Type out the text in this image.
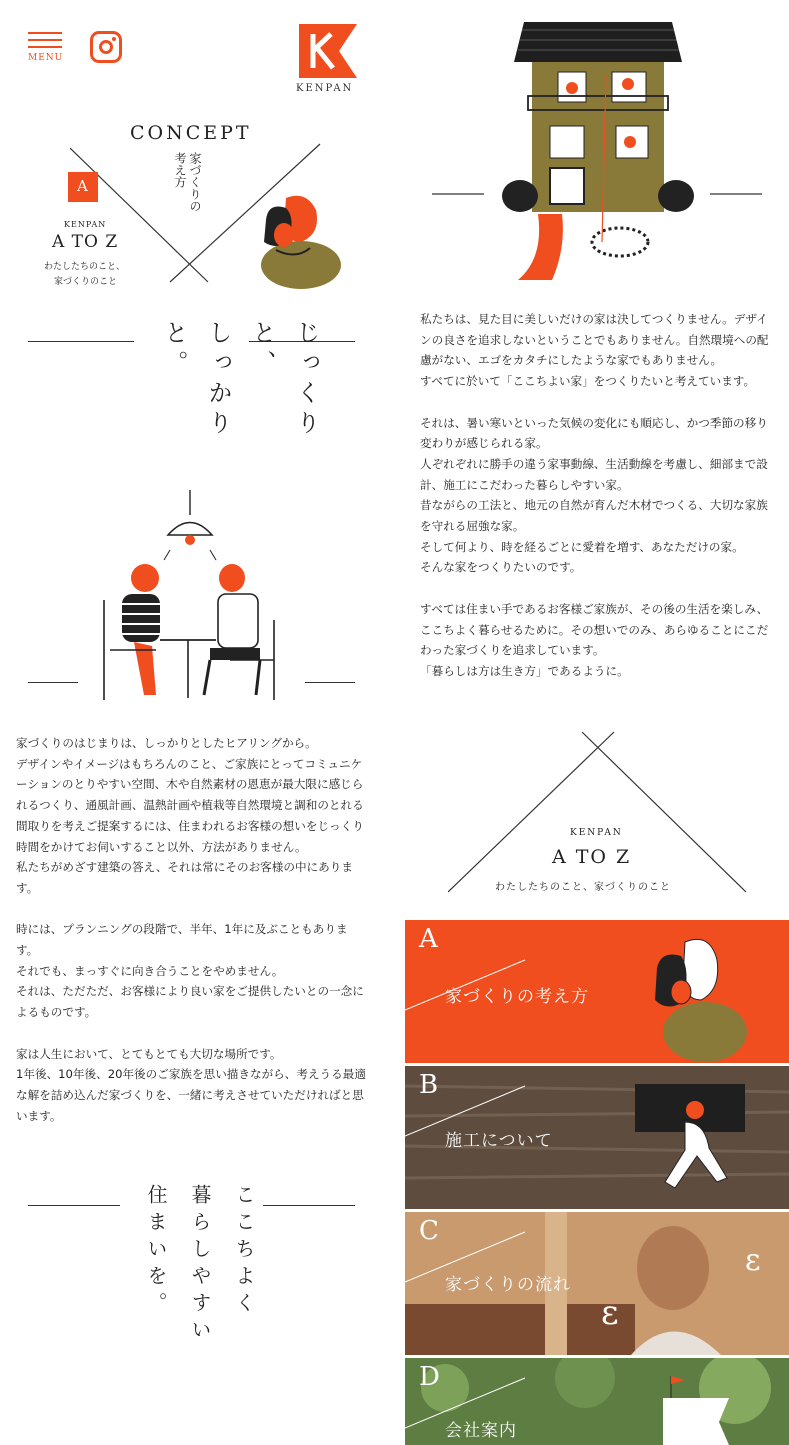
MENU
KENPAN
CONCEPT
家づくりの考え方
A
KENPAN
A TO Z
わたしたちのこと、
家づくりのこと
じっくりと、
しっかりと。
家づくりのはじまりは、しっかりとしたヒアリングから。
デザインやイメージはもちろんのこと、ご家族にとってコミュニケーションのとりやすい空間、木や自然素材の恩恵が最大限に感じられるつくり、通風計画、温熱計画や植栽等自然環境と調和のとれる間取りを考えご提案するには、住まわれるお客様の想いをじっくり時間をかけてお伺いすること以外、方法がありません。
私たちがめざす建築の答え、それは常にそのお客様の中にあります。

時には、プランニングの段階で、半年、1年に及ぶこともあります。
それでも、まっすぐに向き合うことをやめません。
それは、ただただ、お客様により良い家をご提供したいとの一念によるものです。

家は人生において、とてもとても大切な場所です。
1年後、10年後、20年後のご家族を思い描きながら、考えうる最適な解を詰め込んだ家づくりを、一緒に考えさせていただければと思います。
ここちよく
暮らしやすい
住まいを。
私たちは、見た目に美しいだけの家は決してつくりません。デザインの良さを追求しないということでもありません。自然環境への配慮がない、エゴをカタチにしたような家でもありません。
すべてに於いて「ここちよい家」をつくりたいと考えています。

それは、暑い寒いといった気候の変化にも順応し、かつ季節の移り変わりが感じられる家。
人ぞれぞれに勝手の違う家事動線、生活動線を考慮し、細部まで設計、施工にこだわった暮らしやすい家。
昔ながらの工法と、地元の自然が育んだ木材でつくる、大切な家族を守れる屈強な家。
そして何より、時を経るごとに愛着を増す、あなただけの家。
そんな家をつくりたいのです。

すべては住まい手であるお客様ご家族が、その後の生活を楽しみ、ここちよく暮らせるために。その想いでのみ、あらゆることにこだわった家づくりを追求しています。
「暮らしは方は生き方」であるように。
KENPAN
A TO Z
わたしたちのこと、家づくりのこと
A
家づくりの考え方
B
施工について
ɛ
ɛ
C
家づくりの流れ
D
会社案内
